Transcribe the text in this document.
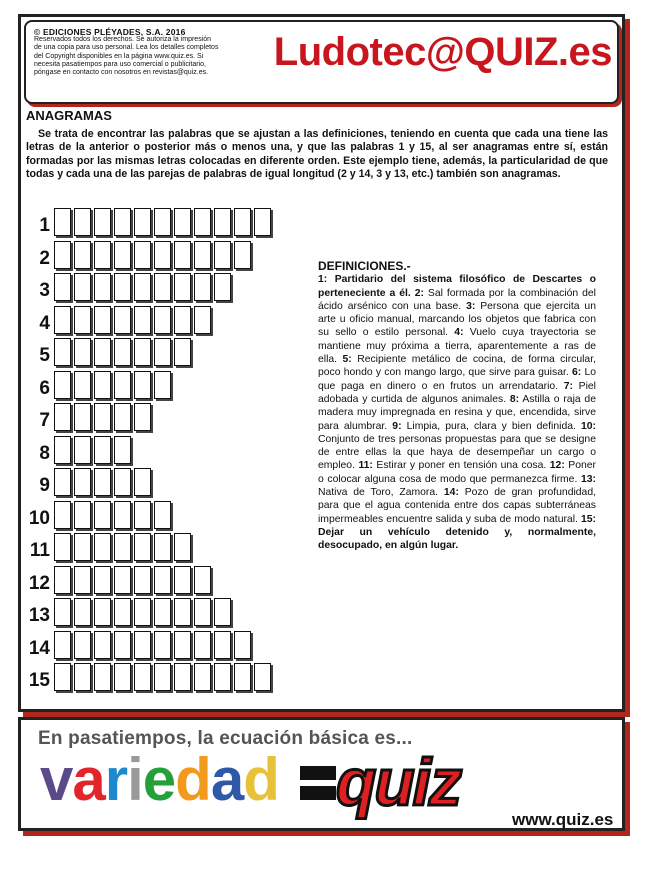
© EDICIONES PLÉYADES, S.A. 2016
Reservados todos los derechos. Se autoriza la impresión
de una copia para uso personal. Lea los detalles completos
del Copyright disponibles en la página www.quiz.es. Si
necesita pasatiempos para uso comercial o publicitario,
póngase en contacto con nosotros en revistas@quiz.es.	Ludotec@QUIZ.es
ANAGRAMAS
Se trata de encontrar las palabras que se ajustan a las definiciones, teniendo en cuenta que cada una tiene las letras de la anterior o posterior más o menos una, y que las palabras 1 y 15, al ser anagramas entre sí, están formadas por las mismas letras colocadas en diferente orden. Este ejemplo tiene, además, la particularidad de que todas y cada una de las parejas de palabras de igual longitud (2 y 14, 3 y 13, etc.) también son anagramas.
1
2
3
4
5
6
7
8
9
10
11
12
13
14
15
DEFINICIONES.-
1: Partidario del sistema filosófico de Descartes o perteneciente a él. 2: Sal formada por la combinación del ácido arsénico con una base. 3: Persona que ejercita un arte u oficio manual, marcando los objetos que fabrica con su sello o estilo personal. 4: Vuelo cuya trayectoria se mantiene muy próxima a tierra, aparentemente a ras de ella. 5: Recipiente metálico de cocina, de forma circular, poco hondo y con mango largo, que sirve para guisar. 6: Lo que paga en dinero o en frutos un arrendatario. 7: Piel adobada y curtida de algunos animales. 8: Astilla o raja de madera muy impregnada en resina y que, encendida, sirve para alumbrar. 9: Limpia, pura, clara y bien definida. 10: Conjunto de tres personas propuestas para que se designe de entre ellas la que haya de desempeñar un cargo o empleo. 11: Estirar y poner en tensión una cosa. 12: Poner o colocar alguna cosa de modo que permanezca firme. 13: Nativa de Toro, Zamora. 14: Pozo de gran profundidad, para que el agua contenida entre dos capas subterráneas impermeables encuentre salida y suba de modo natural. 15: Dejar un vehículo detenido y, normalmente, desocupado, en algún lugar.
En pasatiempos, la ecuación básica es...
variedad quiz
www.quiz.es
